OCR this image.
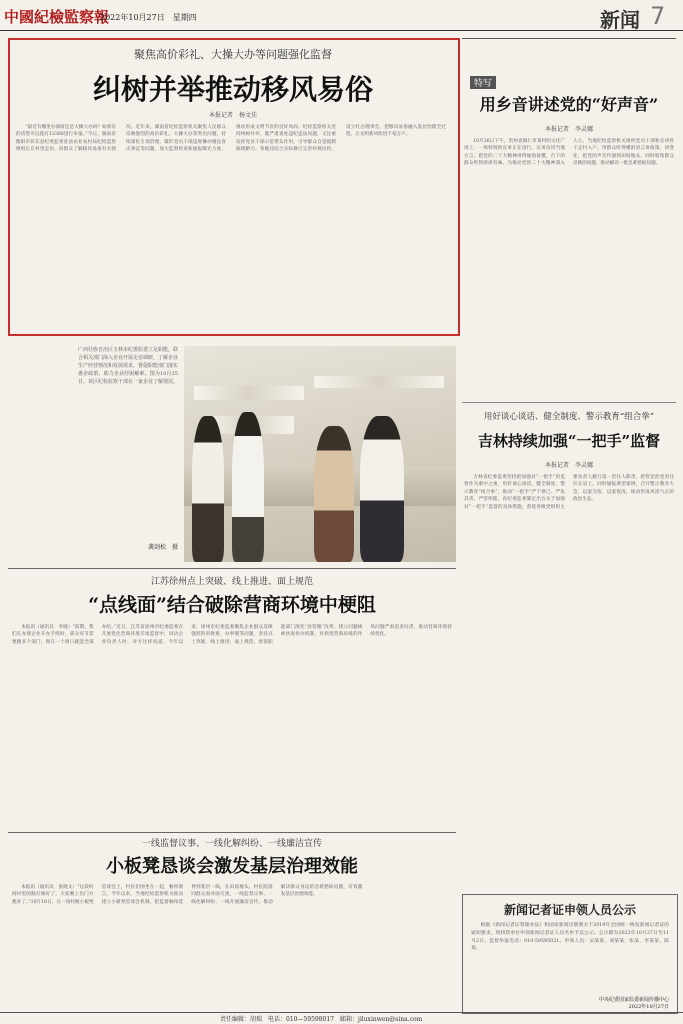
中國紀檢監察報
2022年10月27日　星期四	新闻 7
聚焦高价彩礼、大操大办等问题强化监督
纠树并举推动移风易俗
本报记者　杨文佳

“最近有哪里办酒席还是大操大办吗？如果有的话您可以拨打12388进行举报。”今日，湖南省衡阳市祁东县纪委监委驻县农业农村局纪检监察组组长在村里走访，向群众了解移风易俗有关情况。近年来，湖南省纪检监察机关聚焦人民群众反映强烈的高价彩礼、大操大办等突出问题，持续深化专项治理，紧盯党员干部违规操办婚丧喜庆事宜等问题，加大监督检查和通报曝光力度，推动形成文明节俭的良好风尚。纪检监察机关坚持纠树并举，既严肃查处违纪违法问题，又注重发挥党员干部示范带头作用，引导群众自觉抵制陈规陋习。各地还结合实际修订完善村规民约，设立红白理事会，把移风易俗融入基层治理全过程，让文明新风吹进千家万户。

特写
用乡音讲述党的“好声音”
本报记者　李灵娜

10月26日下午，贵州省铜仁市某村的文化广场上，一场特别的宣讲正在进行。宣讲员用当地方言，把党的二十大精神讲得通俗易懂，台下的群众听得津津有味。为推动党的二十大精神深入人心，当地纪检监察机关组织党员干部和宣讲骨干走村入户，用群众听得懂的语言讲政策、讲变化，把党的声音传递到田间地头，同时收集群众反映的问题，推动解决一批急难愁盼问题。

用好谈心谈话、健全制度、警示教育“组合拳”
吉林持续加强“一把手”监督
本报记者　李灵娜

吉林省纪委监委坚持把加强对“一把手”的监督作为重中之重，用好谈心谈话、健全制度、警示教育“组合拳”，推动“一把手”严于律己、严负其责、严管所辖。省纪委监委制定出台关于加强对“一把手”监督的具体措施，督促各级党组织主要负责人履行第一责任人职责，把管党治党责任扛在肩上。同时通报典型案例，召开警示教育大会，以案为鉴、以案促改，推动形成风清气正的政治生态。

广西壮族自治区玉林市纪委监委立足职能，联合相关部门深入企业开展走访调研，了解企业生产经营情况和发展需求，督促职能部门落实惠企政策，助力企业纾困解难。图为10月25日，该区纪检监察干部在一家企业了解情况。
龚剑松　摄
江苏徐州点上突破、线上推进、面上规范
“点线面”结合破除营商环境中梗阻

本报讯（通讯员　李晓）“前期，我们在办理企业开办手续时，部分环节需要跑多个部门，现在一个窗口就能全部办结。”近日，江苏省徐州市纪委监委在开展优化营商环境专项监督中，回访企业负责人时，对方这样说道。今年以来，徐州市纪委监委聚焦企业群众反映强烈的审批难、办事慢等问题，坚持点上突破、线上推进、面上规范，督促职能部门深化“放管服”改革，建立问题线索快查快办机制，对损害营商环境的作风问题严肃追责问责，推动营商环境持续优化。

一线监督议事、一线化解纠纷、一线廉洁宣传
小板凳恳谈会激发基层治理效能

本报讯（通讯员　张晓文）“这段时间村里的路灯修好了，大家晚上出门方便多了。”10月18日，在一场村级小板凳恳谈会上，村民们围坐在一起，畅所欲言。今年以来，当地纪检监察机关推动建立小板凳恳谈会机制，把监督触角延伸到基层一线，在田间地头、村民院落同群众面对面交流，一线监督议事、一线化解纠纷、一线开展廉洁宣传，推动解决群众身边的急难愁盼问题，有效激发基层治理效能。

新闻记者证申领人员公示

根据《新闻记者证管理办法》和国家新闻出版署关于2019年全国统一换发新闻记者证的通知要求，现将我单位申领新闻记者证人员名单予以公示。公示期为2022年10月27日至11月2日。监督举报电话：010-59595021。申领人员：吴某某、刘某某、张某、李某某、陈某。

中央纪委国家监委新闻传播中心
2022年10月27日
责任编辑：胡瑞　电话：010—59598017　邮箱：jiluxinwen@sina.com
